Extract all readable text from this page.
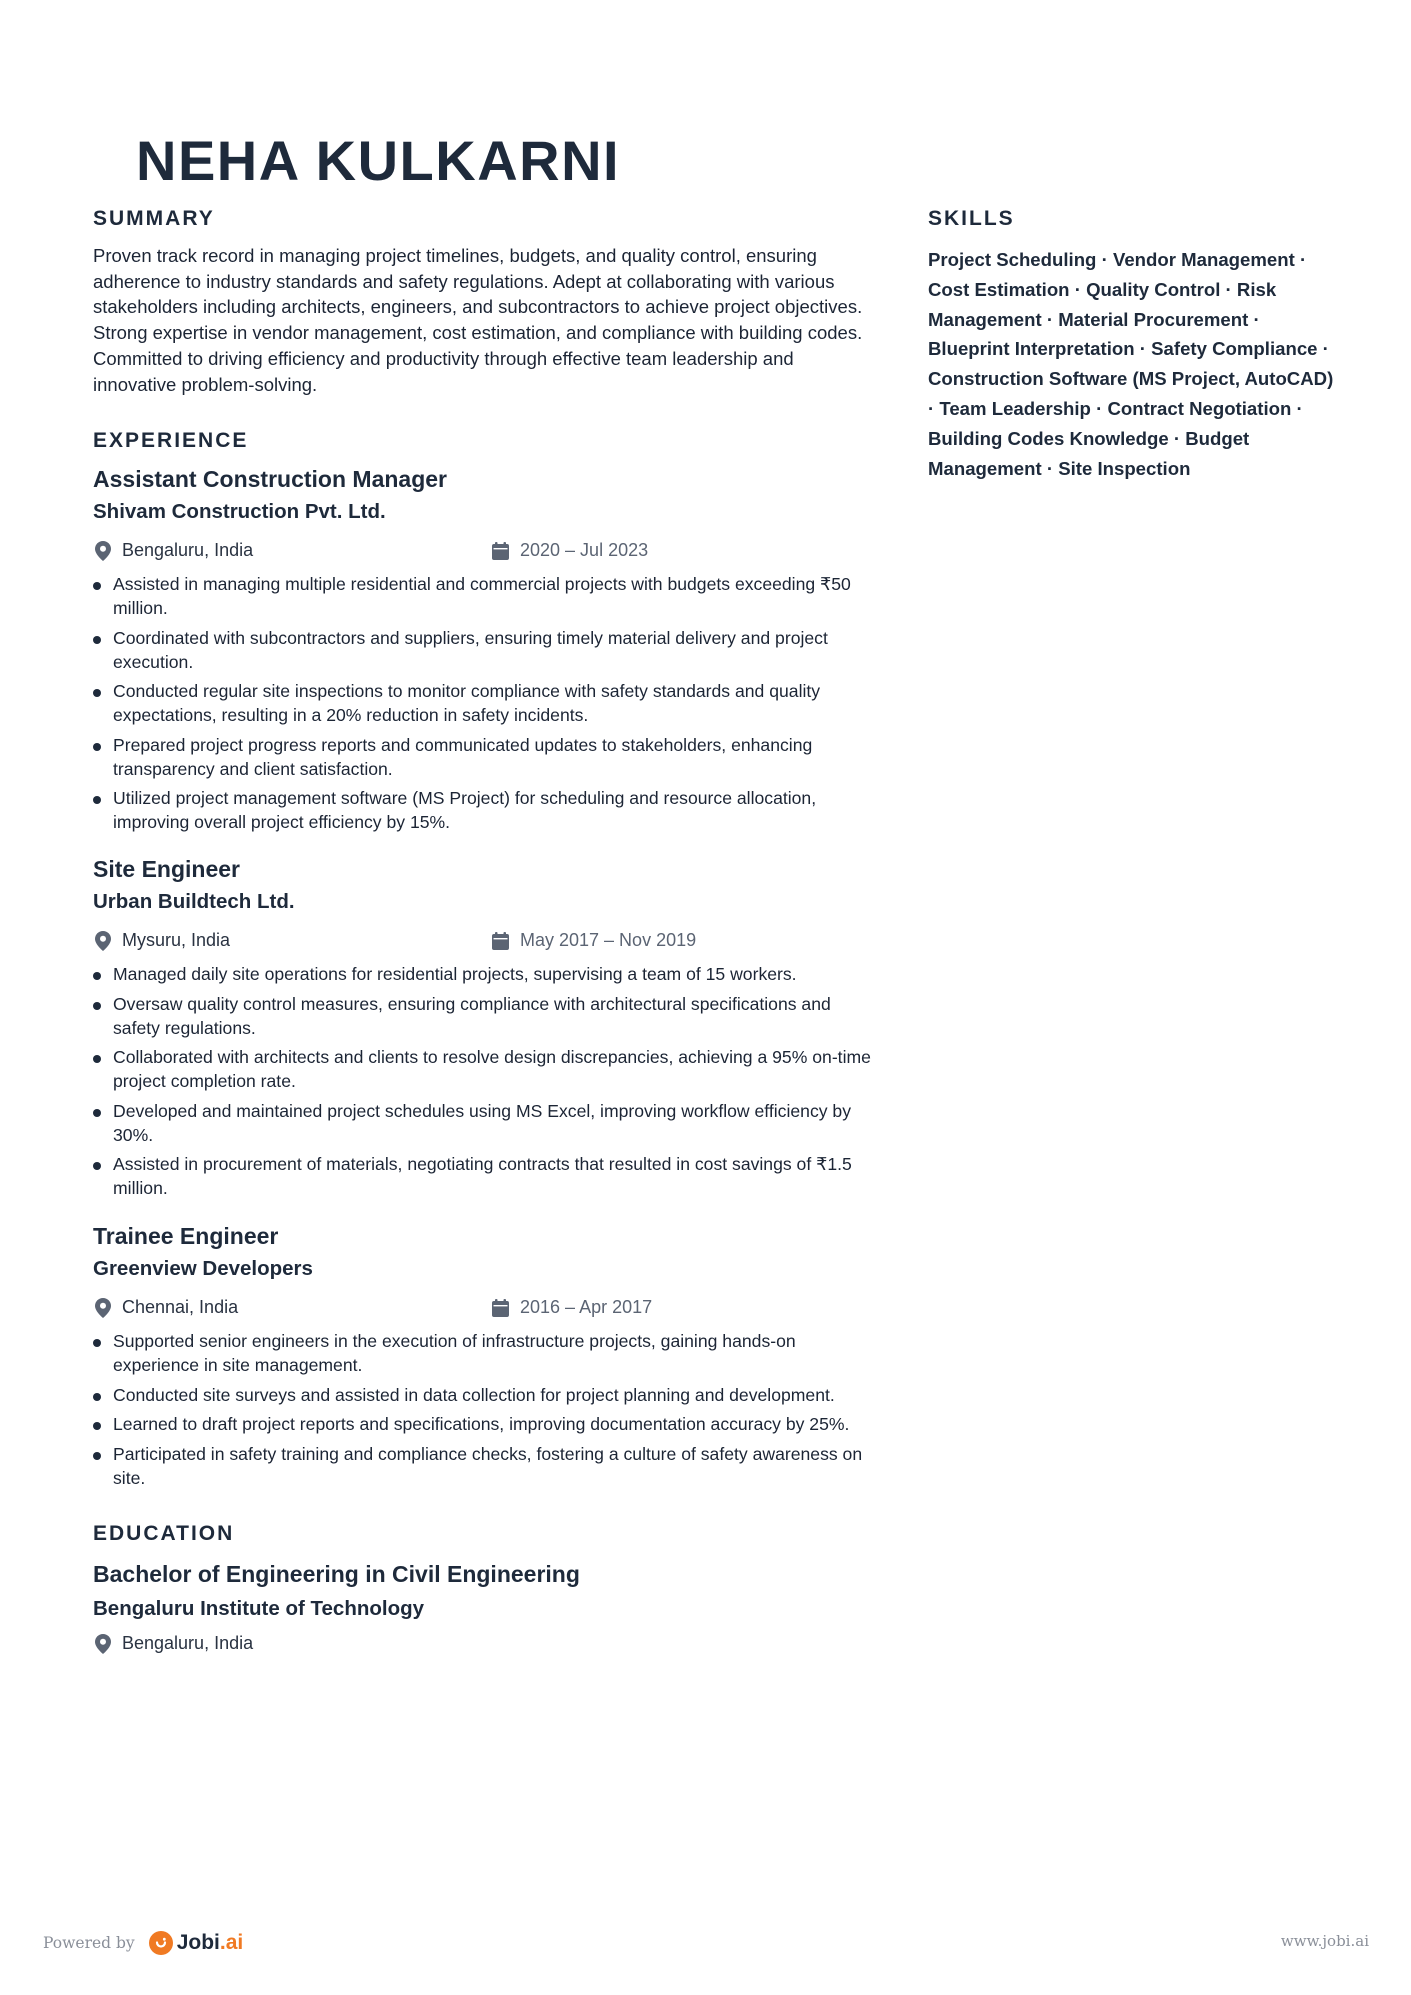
NEHA KULKARNI
SUMMARY
Proven track record in managing project timelines, budgets, and quality control, ensuring adherence to industry standards and safety regulations. Adept at collaborating with various stakeholders including architects, engineers, and subcontractors to achieve project objectives. Strong expertise in vendor management, cost estimation, and compliance with building codes. Committed to driving efficiency and productivity through effective team leadership and innovative problem-solving.
EXPERIENCE
Assistant Construction Manager
Shivam Construction Pvt. Ltd.
Bengaluru, India	2020 – Jul 2023
Assisted in managing multiple residential and commercial projects with budgets exceeding ₹50 million.
Coordinated with subcontractors and suppliers, ensuring timely material delivery and project execution.
Conducted regular site inspections to monitor compliance with safety standards and quality expectations, resulting in a 20% reduction in safety incidents.
Prepared project progress reports and communicated updates to stakeholders, enhancing transparency and client satisfaction.
Utilized project management software (MS Project) for scheduling and resource allocation, improving overall project efficiency by 15%.
Site Engineer
Urban Buildtech Ltd.
Mysuru, India	May 2017 – Nov 2019
Managed daily site operations for residential projects, supervising a team of 15 workers.
Oversaw quality control measures, ensuring compliance with architectural specifications and safety regulations.
Collaborated with architects and clients to resolve design discrepancies, achieving a 95% on-time project completion rate.
Developed and maintained project schedules using MS Excel, improving workflow efficiency by 30%.
Assisted in procurement of materials, negotiating contracts that resulted in cost savings of ₹1.5 million.
Trainee Engineer
Greenview Developers
Chennai, India	2016 – Apr 2017
Supported senior engineers in the execution of infrastructure projects, gaining hands-on experience in site management.
Conducted site surveys and assisted in data collection for project planning and development.
Learned to draft project reports and specifications, improving documentation accuracy by 25%.
Participated in safety training and compliance checks, fostering a culture of safety awareness on site.
EDUCATION
Bachelor of Engineering in Civil Engineering
Bengaluru Institute of Technology
Bengaluru, India
SKILLS
Project Scheduling · Vendor Management · Cost Estimation · Quality Control · Risk Management · Material Procurement · Blueprint Interpretation · Safety Compliance · Construction Software (MS Project, AutoCAD) · Team Leadership · Contract Negotiation · Building Codes Knowledge · Budget Management · Site Inspection
Powered by Jobi.ai	www.jobi.ai
